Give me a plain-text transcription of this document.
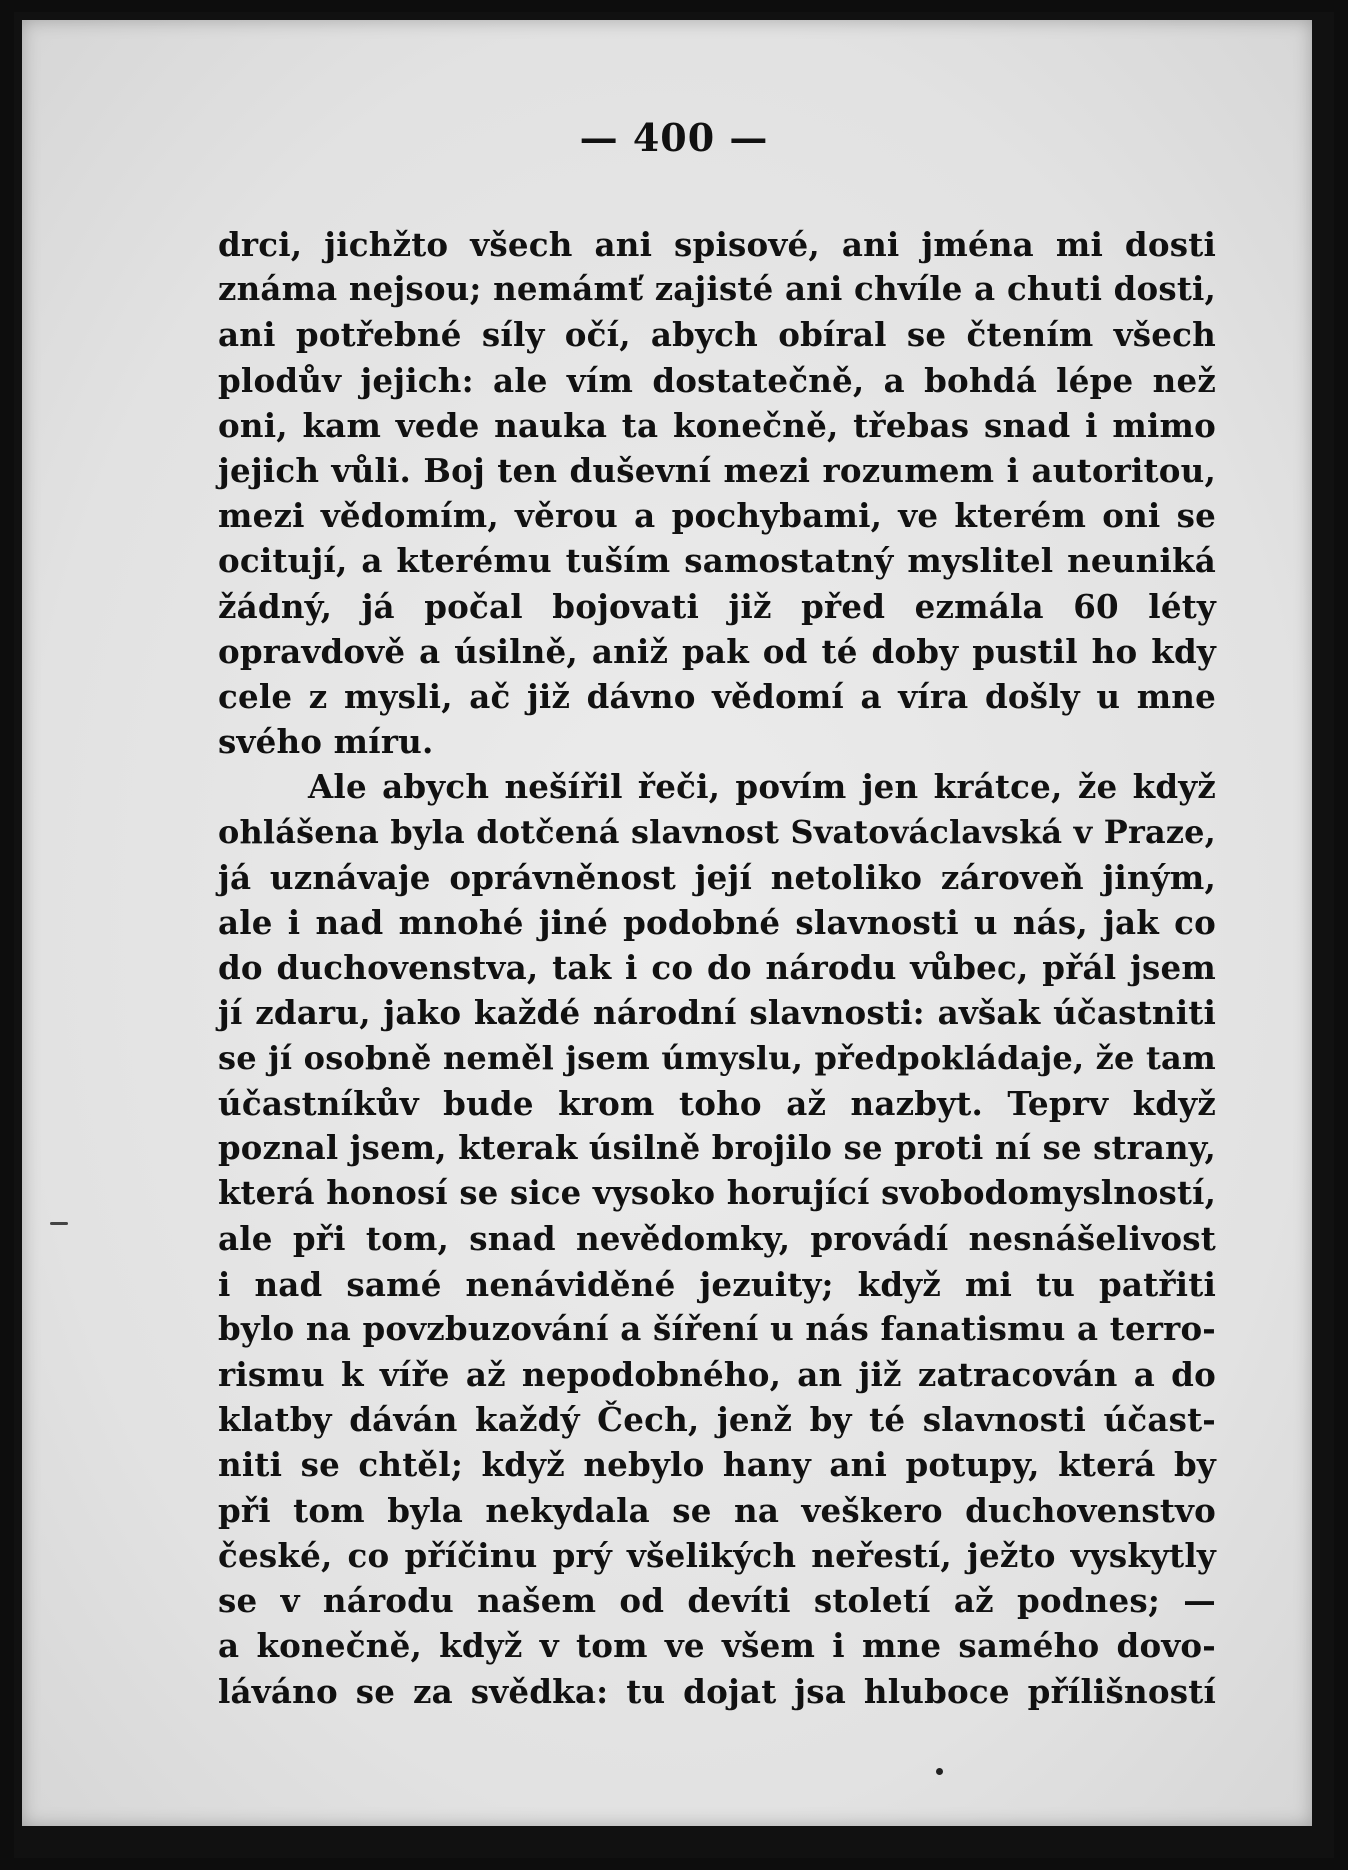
— 400 —
drci, jichžto všech ani spisové, ani jména mi dosti
známa nejsou; nemámť zajisté ani chvíle a chuti dosti,
ani potřebné síly očí, abych obíral se čtením všech
plodův jejich: ale vím dostatečně, a bohdá lépe než
oni, kam vede nauka ta konečně, třebas snad i mimo
jejich vůli. Boj ten duševní mezi rozumem i autoritou,
mezi vědomím, věrou a pochybami, ve kterém oni se
ocitují, a kterému tuším samostatný myslitel neuniká
žádný, já počal bojovati již před ezmála 60 léty
opravdově a úsilně, aniž pak od té doby pustil ho kdy
cele z mysli, ač již dávno vědomí a víra došly u mne
svého míru.
Ale abych nešířil řeči, povím jen krátce, že když
ohlášena byla dotčená slavnost Svatováclavská v Praze,
já uznávaje oprávněnost její netoliko zároveň jiným,
ale i nad mnohé jiné podobné slavnosti u nás, jak co
do duchovenstva, tak i co do národu vůbec, přál jsem
jí zdaru, jako každé národní slavnosti: avšak účastniti
se jí osobně neměl jsem úmyslu, předpokládaje, že tam
účastníkův bude krom toho až nazbyt. Teprv když
poznal jsem, kterak úsilně brojilo se proti ní se strany,
která honosí se sice vysoko horující svobodomyslností,
ale při tom, snad nevědomky, provádí nesnášelivost
i nad samé nenáviděné jezuity; když mi tu patřiti
bylo na povzbuzování a šíření u nás fanatismu a terro-
rismu k víře až nepodobného, an již zatracován a do
klatby dáván každý Čech, jenž by té slavnosti účast-
niti se chtěl; když nebylo hany ani potupy, která by
při tom byla nekydala se na veškero duchovenstvo
české, co příčinu prý všelikých neřestí, ježto vyskytly
se v národu našem od devíti století až podnes; —
a konečně, když v tom ve všem i mne samého dovo-
láváno se za svědka: tu dojat jsa hluboce přílišností
